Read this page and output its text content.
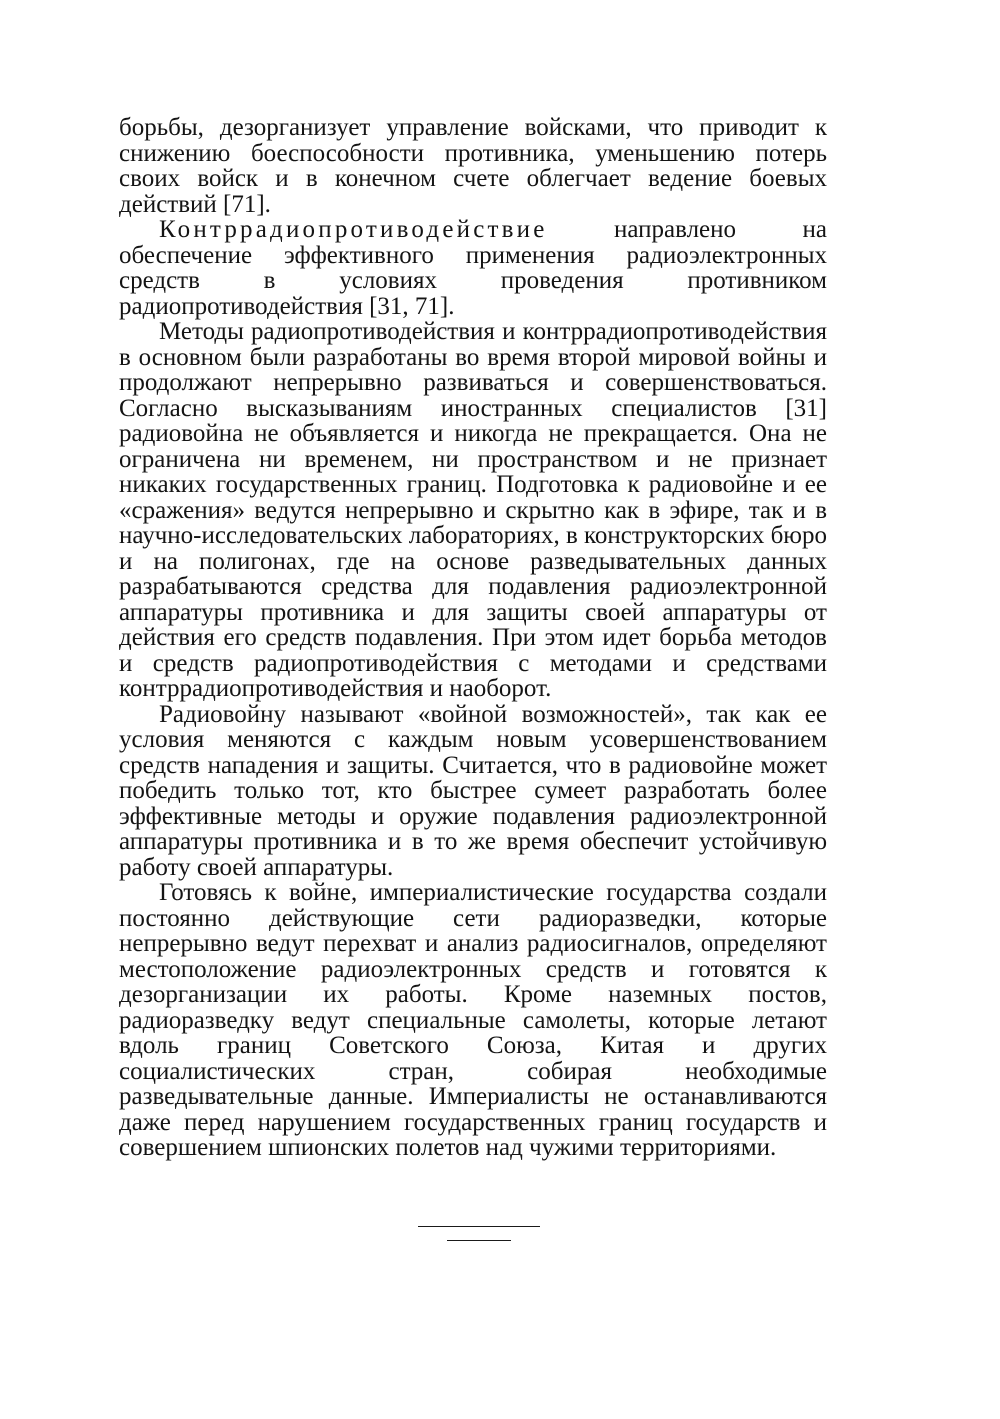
борьбы, дезорганизует управление войсками, что приводит к снижению боеспособности противника, уменьшению потерь своих войск и в конечном счете облегчает ведение боевых действий [71].

Контррадиопротиводействие направлено на обеспечение эффективного применения радиоэлектронных средств в условиях проведения противником радиопротиводействия [31, 71].

Методы радиопротиводействия и контррадиопротиводействия в основном были разработаны во время второй мировой войны и продолжают непрерывно развиваться и совершенствоваться. Согласно высказываниям иностранных специалистов [31] радиовойна не объявляется и никогда не прекращается. Она не ограничена ни временем, ни пространством и не признает никаких государственных границ. Подготовка к радиовойне и ее «сражения» ведутся непрерывно и скрытно как в эфире, так и в научно-исследовательских лабораториях, в конструкторских бюро и на полигонах, где на основе разведывательных данных разрабатываются средства для подавления радиоэлектронной аппаратуры противника и для защиты своей аппаратуры от действия его средств подавления. При этом идет борьба методов и средств радиопротиводействия с методами и средствами контррадиопротиводействия и наоборот.

Радиовойну называют «войной возможностей», так как ее условия меняются с каждым новым усовершенствованием средств нападения и защиты. Считается, что в радиовойне может победить только тот, кто быстрее сумеет разработать более эффективные методы и оружие подавления радиоэлектронной аппаратуры противника и в то же время обеспечит устойчивую работу своей аппаратуры.

Готовясь к войне, империалистические государства создали постоянно действующие сети радиоразведки, которые непрерывно ведут перехват и анализ радиосигналов, определяют местоположение радиоэлектронных средств и готовятся к дезорганизации их работы. Кроме наземных постов, радиоразведку ведут специальные самолеты, которые летают вдоль границ Советского Союза, Китая и других социалистических стран, собирая необходимые разведывательные данные. Империалисты не останавливаются даже перед нарушением государственных границ государств и совершением шпионских полетов над чужими территориями.
